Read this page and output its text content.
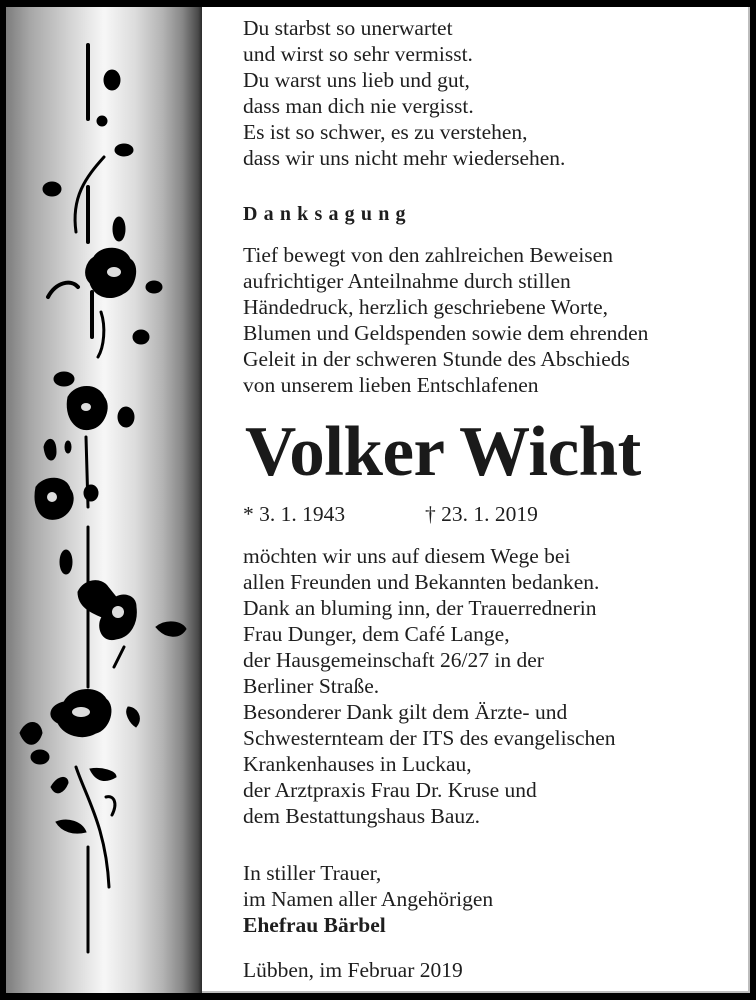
Du starbst so unerwartet
und wirst so sehr vermisst.
Du warst uns lieb und gut,
dass man dich nie vergisst.
Es ist so schwer, es zu verstehen,
dass wir uns nicht mehr wiedersehen.
Danksagung
Tief bewegt von den zahlreichen Beweisen
aufrichtiger Anteilnahme durch stillen
Händedruck, herzlich geschriebene Worte,
Blumen und Geldspenden sowie dem ehrenden
Geleit in der schweren Stunde des Abschieds
von unserem lieben Entschlafenen
Volker Wicht
* 3. 1. 1943	† 23. 1. 2019
möchten wir uns auf diesem Wege bei
allen Freunden und Bekannten bedanken.
Dank an bluming inn, der Trauerrednerin
Frau Dunger, dem Café Lange,
der Hausgemeinschaft 26/27 in der
Berliner Straße.
Besonderer Dank gilt dem Ärzte- und
Schwesternteam der ITS des evangelischen
Krankenhauses in Luckau,
der Arztpraxis Frau Dr. Kruse und
dem Bestattungshaus Bauz.
In stiller Trauer,
im Namen aller Angehörigen
Ehefrau Bärbel
Lübben, im Februar 2019
